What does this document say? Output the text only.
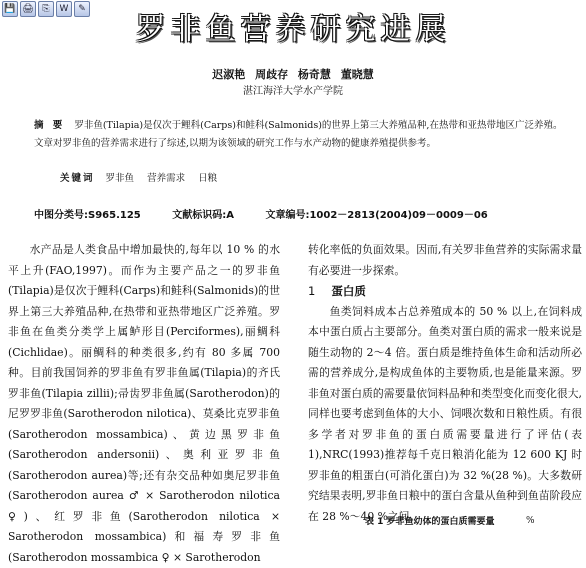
💾 🖨 ⎘	W	✎
罗非鱼营养研究进展
迟淑艳 周歧存 杨奇慧 董晓慧
湛江海洋大学水产学院
摘 要 罗非鱼(Tilapia)是仅次于鲤科(Carps)和鲑科(Salmonids)的世界上第三大养殖品种,在热带和亚热带地区广泛养殖。文章对罗非鱼的营养需求进行了综述,以期为该领域的研究工作与水产动物的健康养殖提供参考。
关键词 罗非鱼 营养需求 日粮
中图分类号:S965.125	文献标识码:A	文章编号:1002－2813(2004)09－0009－06

水产品是人类食品中增加最快的,每年以 10 % 的水平上升(FAO,1997)。而作为主要产品之一的罗非鱼(Tilapia)是仅次于鲤科(Carps)和鲑科(Salmonids)的世界上第三大养殖品种,在热带和亚热带地区广泛养殖。罗非鱼在鱼类分类学上属鲈形目(Perciformes),丽鲷科(Cichlidae)。丽鲷科的种类很多,约有 80 多属 700 种。目前我国饲养的罗非鱼有罗非鱼属(Tilapia)的齐氏罗非鱼(Tilapia zillii);帚齿罗非鱼属(Sarotherodon)的尼罗罗非鱼(Sarotherodon nilotica)、莫桑比克罗非鱼(Sarotherodon mossambica)、黄边黑罗非鱼(Sarotherodon andersonii)、奥利亚罗非鱼(Sarotherodon aurea)等;还有杂交品种如奥尼罗非鱼(Sarotherodon aurea ♂ × Sarotherodon nilotica ♀)、红罗非鱼(Sarotherodon nilotica × Sarotherodon mossambica)和福寿罗非鱼(Sarotherodon mossambica ♀ × Sarotherodon

转化率低的负面效果。因而,有关罗非鱼营养的实际需求量有必要进一步探索。

1 蛋白质

鱼类饲料成本占总养殖成本的 50 % 以上,在饲料成本中蛋白质占主要部分。鱼类对蛋白质的需求一般来说是随生动物的 2～4 倍。蛋白质是维持鱼体生命和活动所必需的营养成分,是构成鱼体的主要物质,也是能量来源。罗非鱼对蛋白质的需要量依饲料品种和类型变化而变化很大,同样也要考虑到鱼体的大小、饲喂次数和日粮性质。有很多学者对罗非鱼的蛋白质需要量进行了评估(表 1),NRC(1993)推荐每千克日粮消化能为 12 600 KJ 时罗非鱼的粗蛋白(可消化蛋白)为 32 %(28 %)。大多数研究结果表明,罗非鱼日粮中的蛋白含量从鱼种到鱼苗阶段应在 28 %～40 %之间。

表 1 罗非鱼幼体的蛋白质需要量	%
